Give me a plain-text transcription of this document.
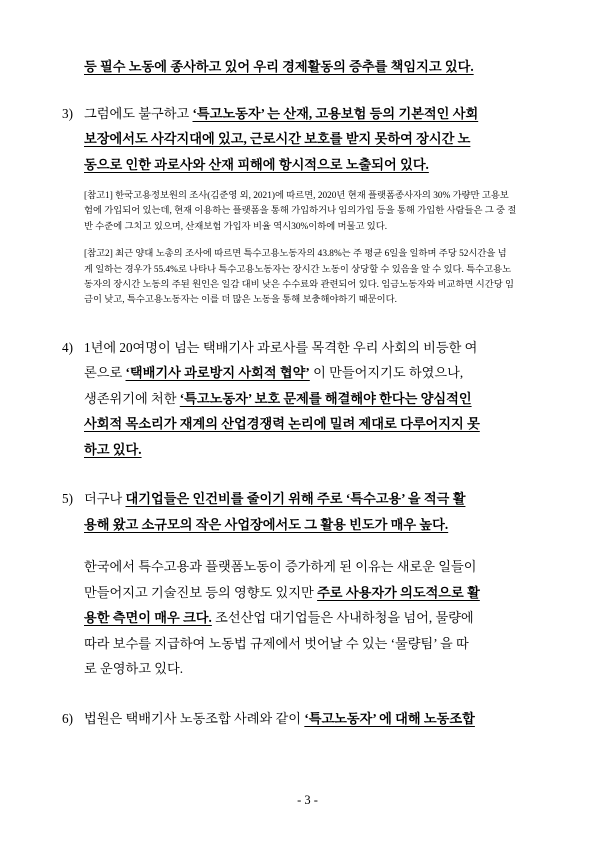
등 필수 노동에 종사하고 있어 우리 경제활동의 증추를 책임지고 있다.
3) 그럼에도 불구하고 ‘특고노동자’ 는 산재, 고용보험 등의 기본적인 사회
보장에서도 사각지대에 있고, 근로시간 보호를 받지 못하여 장시간 노
동으로 인한 과로사와 산재 피해에 항시적으로 노출되어 있다.
[참고1] 한국고용정보원의 조사(김준영 외, 2021)에 따르면, 2020년 현재 플랫폼종사자의 30% 가량만 고용보
험에 가입되어 있는데, 현재 이용하는 플랫폼을 통해 가입하거나 임의가입 등을 통해 가입한 사람들은 그 중 절
반 수준에 그치고 있으며, 산재보험 가입자 비율 역시30%이하에 머물고 있다.
[참고2] 최근 양대 노총의 조사에 따르면 특수고용노동자의 43.8%는 주 평균 6일을 일하며 주당 52시간을 넘
게 일하는 경우가 55.4%로 나타나 특수고용노동자는 장시간 노동이 상당할 수 있음을 알 수 있다. 특수고용노
동자의 장시간 노동의 주된 원인은 일감 대비 낮은 수수료와 관련되어 있다. 임금노동자와 비교하면 시간당 임
금이 낮고, 특수고용노동자는 이를 더 많은 노동을 통해 보충해야하기 때문이다.
4) 1년에 20여명이 넘는 택배기사 과로사를 목격한 우리 사회의 비등한 여
론으로 ‘택배기사 과로방지 사회적 협약’ 이 만들어지기도 하였으나,
생존위기에 처한 ‘특고노동자’ 보호 문제를 해결해야 한다는 양심적인
사회적 목소리가 재계의 산업경쟁력 논리에 밀려 제대로 다루어지지 못
하고 있다.
5) 더구나 대기업들은 인건비를 줄이기 위해 주로 ‘특수고용’ 을 적극 활
용해 왔고 소규모의 작은 사업장에서도 그 활용 빈도가 매우 높다.
한국에서 특수고용과 플랫폼노동이 증가하게 된 이유는 새로운 일들이
만들어지고 기술진보 등의 영향도 있지만 주로 사용자가 의도적으로 활
용한 측면이 매우 크다. 조선산업 대기업들은 사내하청을 넘어, 물량에
따라 보수를 지급하여 노동법 규제에서 벗어날 수 있는 ‘물량팀’ 을 따
로 운영하고 있다.
6) 법원은 택배기사 노동조합 사례와 같이 ‘특고노동자’ 에 대해 노동조합
- 3 -
